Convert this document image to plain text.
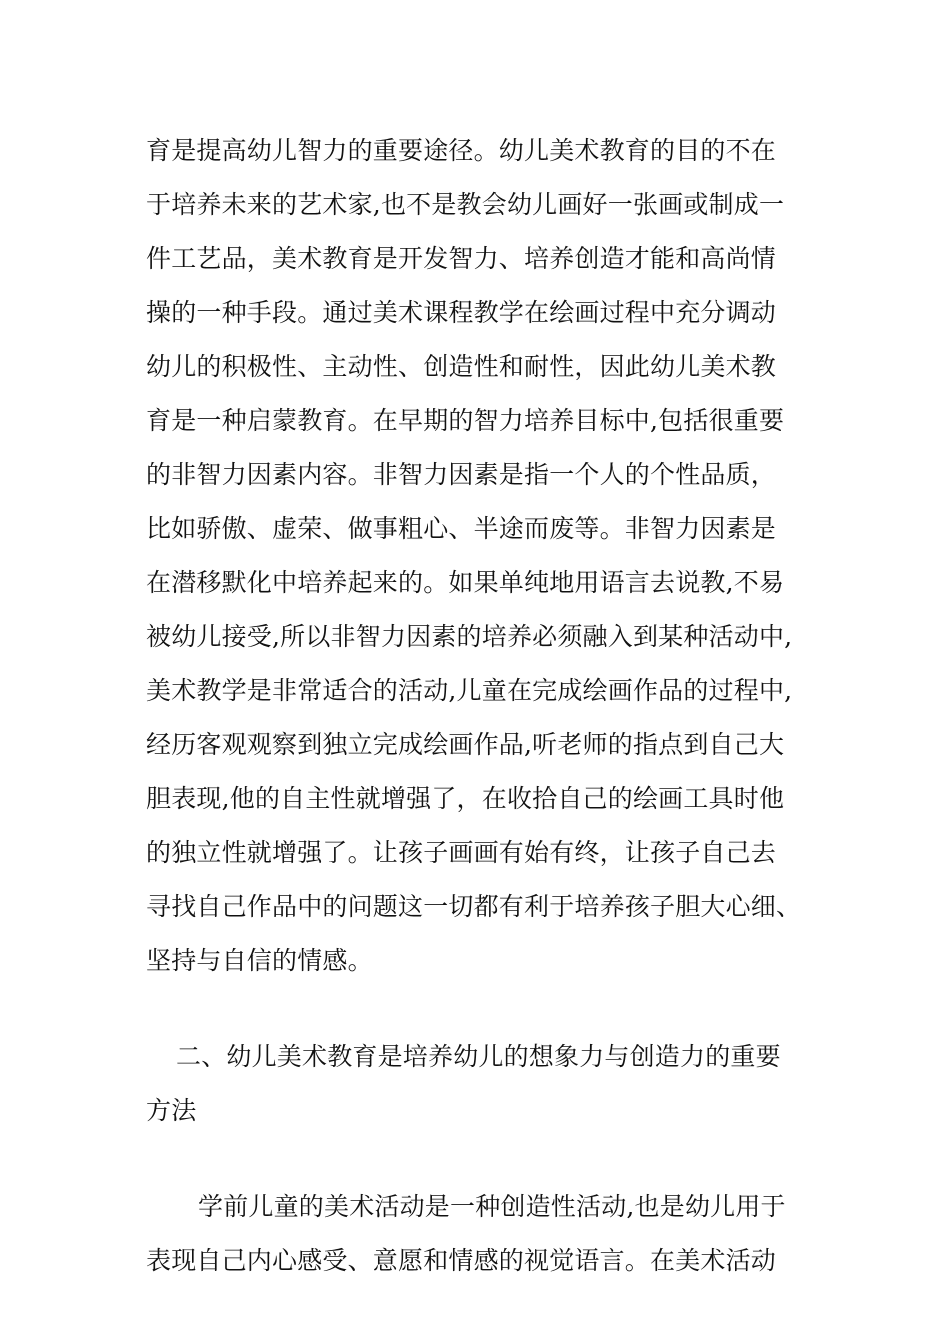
育是提高幼儿智力的重要途径。幼儿美术教育的目的不在
于培养未来的艺术家,也不是教会幼儿画好一张画或制成一
件工艺品，美术教育是开发智力、培养创造才能和高尚情
操的一种手段。通过美术课程教学在绘画过程中充分调动
幼儿的积极性、主动性、创造性和耐性，因此幼儿美术教
育是一种启蒙教育。在早期的智力培养目标中,包括很重要
的非智力因素内容。非智力因素是指一个人的个性品质，
比如骄傲、虚荣、做事粗心、半途而废等。非智力因素是
在潜移默化中培养起来的。如果单纯地用语言去说教,不易
被幼儿接受,所以非智力因素的培养必须融入到某种活动中,
美术教学是非常适合的活动,儿童在完成绘画作品的过程中,
经历客观观察到独立完成绘画作品,听老师的指点到自己大
胆表现,他的自主性就增强了，在收拾自己的绘画工具时他
的独立性就增强了。让孩子画画有始有终，让孩子自己去
寻找自己作品中的问题这一切都有利于培养孩子胆大心细、
坚持与自信的情感。
二、幼儿美术教育是培养幼儿的想象力与创造力的重要
方法
学前儿童的美术活动是一种创造性活动,也是幼儿用于
表现自己内心感受、意愿和情感的视觉语言。在美术活动
